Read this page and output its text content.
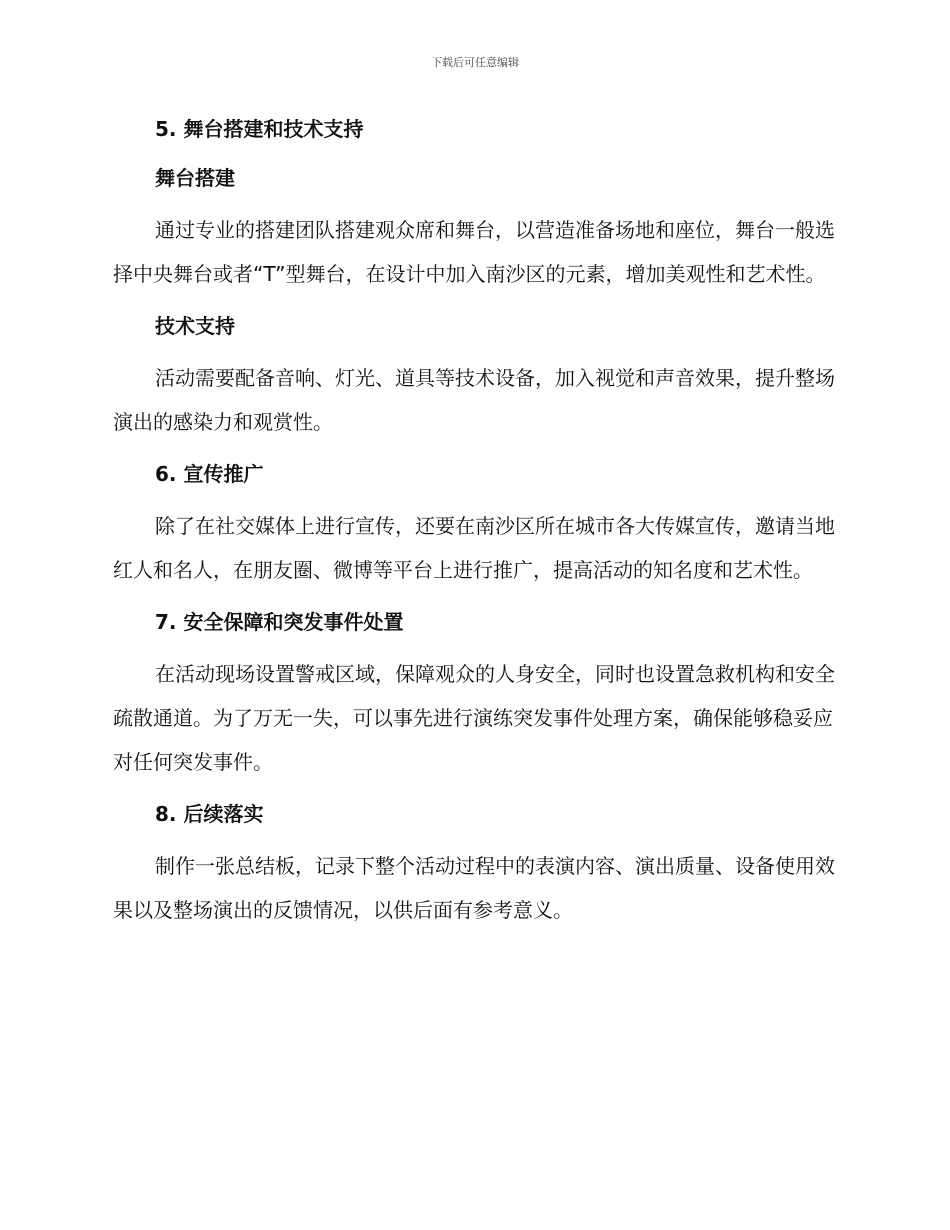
下载后可任意编辑
5. 舞台搭建和技术支持
舞台搭建

通过专业的搭建团队搭建观众席和舞台，以营造准备场地和座位，舞台一般选择中央舞台或者“T”型舞台，在设计中加入南沙区的元素，增加美观性和艺术性。

技术支持

活动需要配备音响、灯光、道具等技术设备，加入视觉和声音效果，提升整场演出的感染力和观赏性。

6. 宣传推广

除了在社交媒体上进行宣传，还要在南沙区所在城市各大传媒宣传，邀请当地红人和名人，在朋友圈、微博等平台上进行推广，提高活动的知名度和艺术性。

7. 安全保障和突发事件处置

在活动现场设置警戒区域，保障观众的人身安全，同时也设置急救机构和安全疏散通道。为了万无一失，可以事先进行演练突发事件处理方案，确保能够稳妥应对任何突发事件。

8. 后续落实

制作一张总结板，记录下整个活动过程中的表演内容、演出质量、设备使用效果以及整场演出的反馈情况，以供后面有参考意义。
